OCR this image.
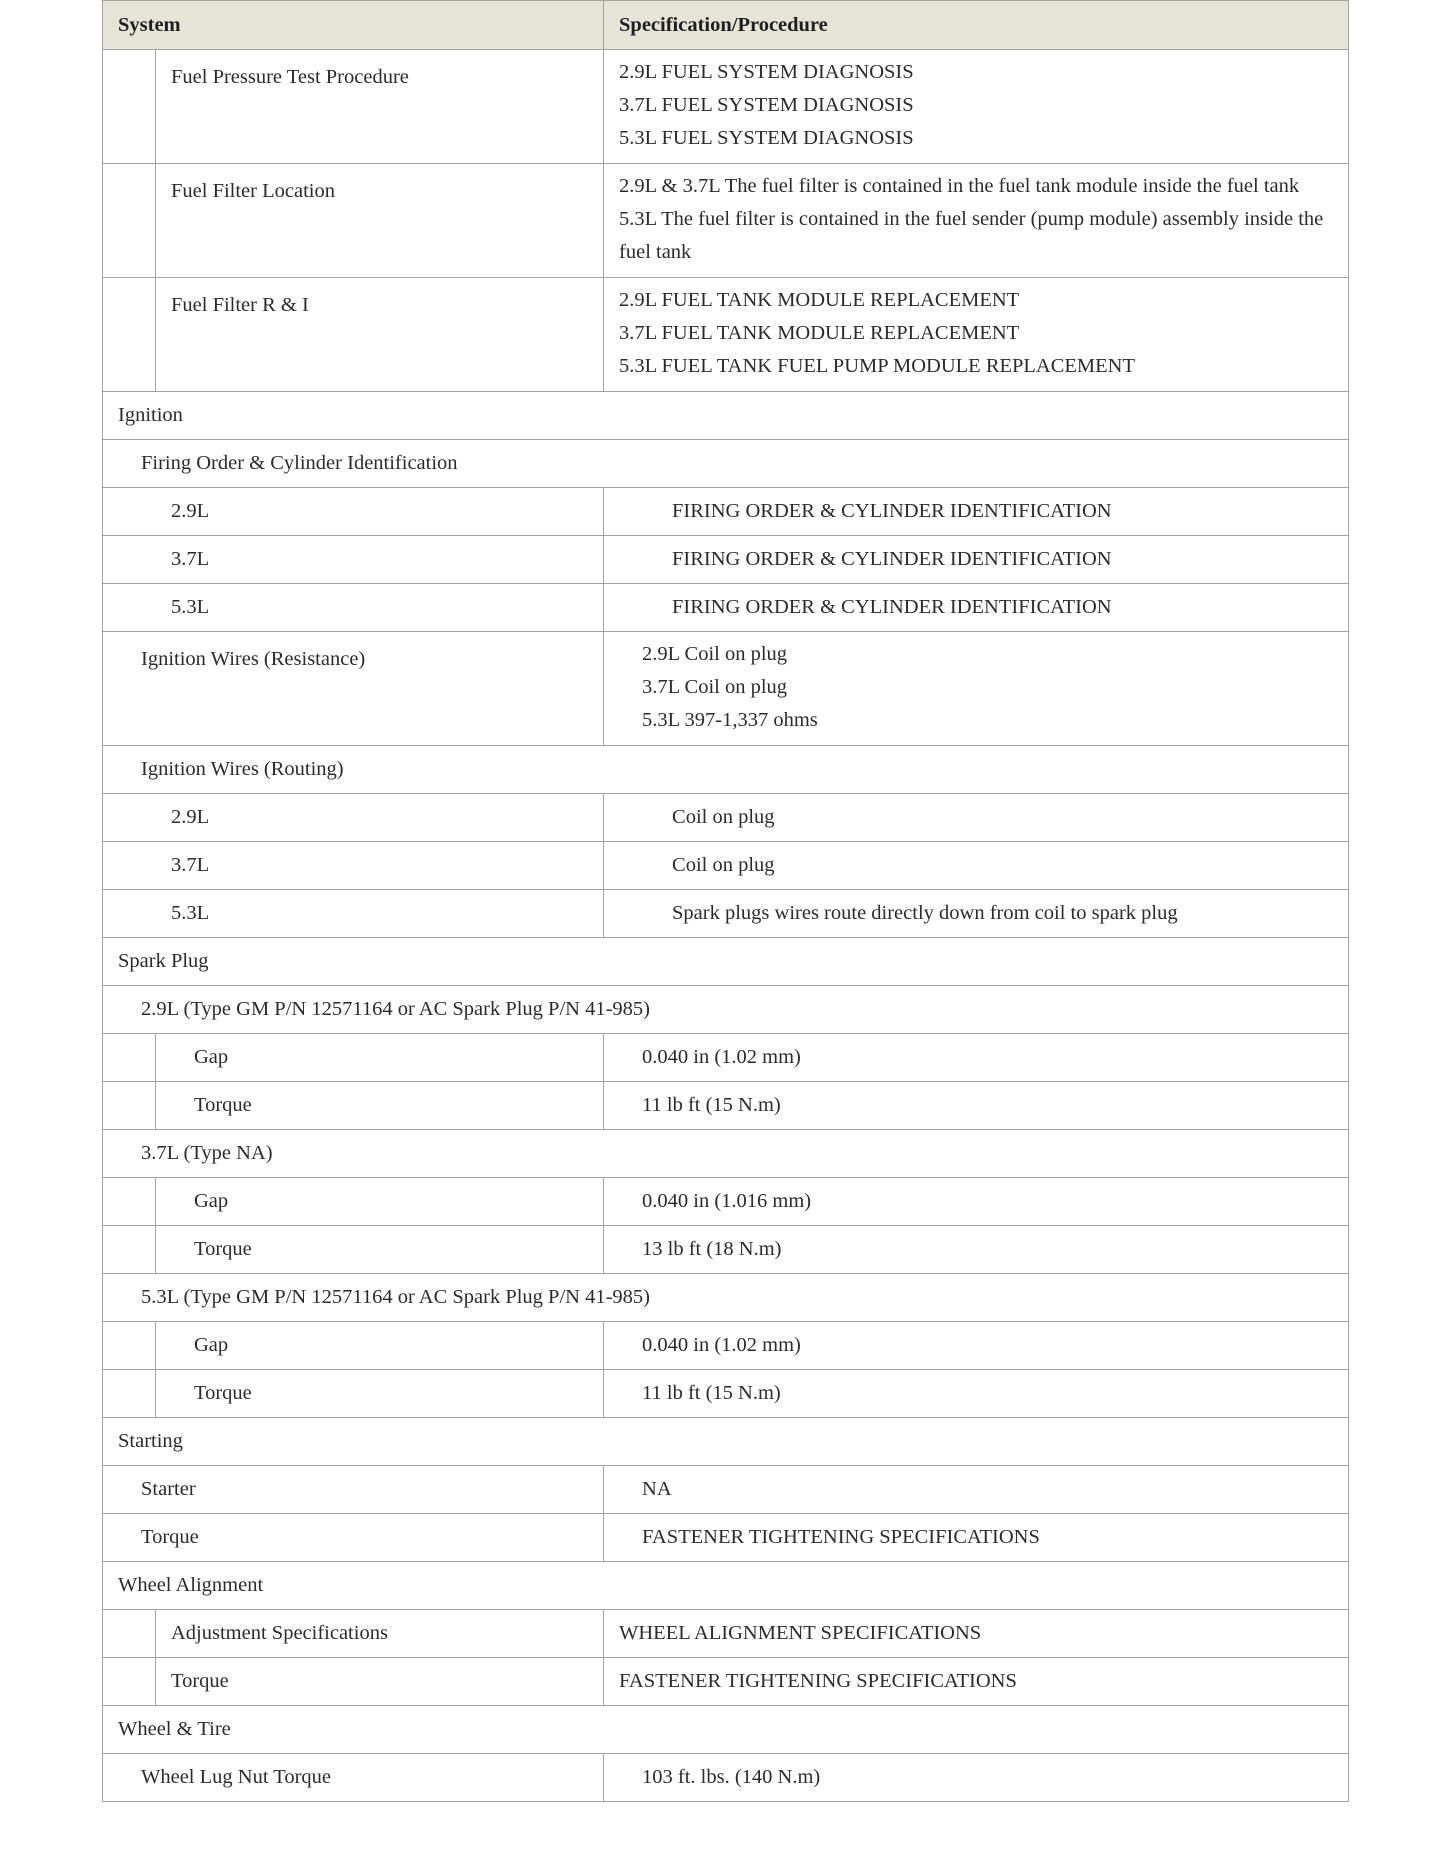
System		Specification/Procedure
	Fuel Pressure Test Procedure	2.9L FUEL SYSTEM DIAGNOSIS
3.7L FUEL SYSTEM DIAGNOSIS
5.3L FUEL SYSTEM DIAGNOSIS

	Fuel Filter Location	2.9L & 3.7L The fuel filter is contained in the fuel tank module inside the fuel tank
5.3L The fuel filter is contained in the fuel sender (pump module) assembly inside the fuel tank

	Fuel Filter R & I	2.9L FUEL TANK MODULE REPLACEMENT
3.7L FUEL TANK MODULE REPLACEMENT
5.3L FUEL TANK FUEL PUMP MODULE REPLACEMENT

Ignition		
Firing Order & Cylinder Identification		
2.9L		FIRING ORDER & CYLINDER IDENTIFICATION
3.7L		FIRING ORDER & CYLINDER IDENTIFICATION
5.3L		FIRING ORDER & CYLINDER IDENTIFICATION
Ignition Wires (Resistance)		2.9L Coil on plug
3.7L Coil on plug
5.3L 397-1,337 ohms

Ignition Wires (Routing)		
2.9L		Coil on plug
3.7L		Coil on plug
5.3L		Spark plugs wires route directly down from coil to spark plug
Spark Plug		
2.9L (Type GM P/N 12571164 or AC Spark Plug P/N 41-985)		
	Gap	0.040 in (1.02 mm)
	Torque	11 lb ft (15 N.m)
3.7L (Type NA)		
	Gap	0.040 in (1.016 mm)
	Torque	13 lb ft (18 N.m)
5.3L (Type GM P/N 12571164 or AC Spark Plug P/N 41-985)		
	Gap	0.040 in (1.02 mm)
	Torque	11 lb ft (15 N.m)
Starting		
Starter		NA
Torque		FASTENER TIGHTENING SPECIFICATIONS
Wheel Alignment		
	Adjustment Specifications	WHEEL ALIGNMENT SPECIFICATIONS
	Torque	FASTENER TIGHTENING SPECIFICATIONS
Wheel & Tire		
Wheel Lug Nut Torque		103 ft. lbs. (140 N.m)
